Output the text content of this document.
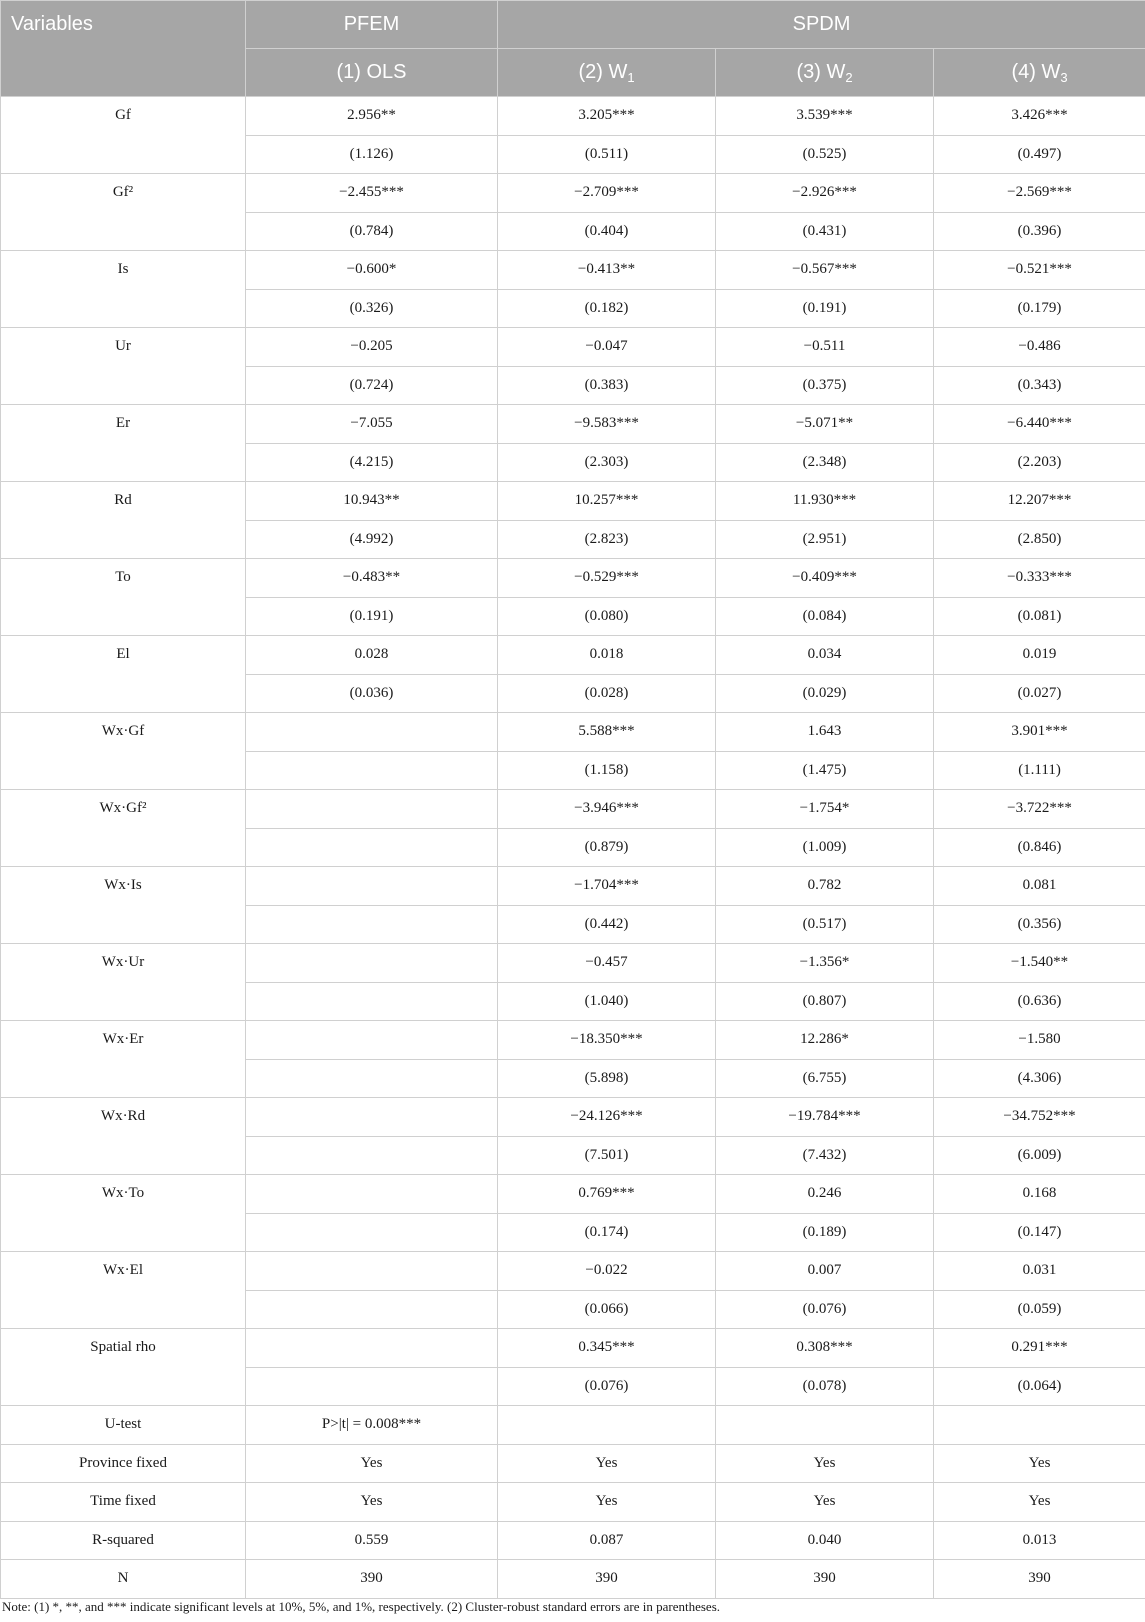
Variables	PFEM	SPDM		
	(1) OLS	(2) $W_1$	(3) $W_2$	(4) $W_3$
Gf	2.956**	3.205***	3.539***	3.426***
	(1.126)	(0.511)	(0.525)	(0.497)
Gf²	−2.455***	−2.709***	−2.926***	−2.569***
	(0.784)	(0.404)	(0.431)	(0.396)
Is	−0.600*	−0.413**	−0.567***	−0.521***
	(0.326)	(0.182)	(0.191)	(0.179)
Ur	−0.205	−0.047	−0.511	−0.486
	(0.724)	(0.383)	(0.375)	(0.343)
Er	−7.055	−9.583***	−5.071**	−6.440***
	(4.215)	(2.303)	(2.348)	(2.203)
Rd	10.943**	10.257***	11.930***	12.207***
	(4.992)	(2.823)	(2.951)	(2.850)
To	−0.483**	−0.529***	−0.409***	−0.333***
	(0.191)	(0.080)	(0.084)	(0.081)
El	0.028	0.018	0.034	0.019
	(0.036)	(0.028)	(0.029)	(0.027)
Wx·Gf		5.588***	1.643	3.901***
		(1.158)	(1.475)	(1.111)
Wx·Gf²		−3.946***	−1.754*	−3.722***
		(0.879)	(1.009)	(0.846)
Wx·Is		−1.704***	0.782	0.081
		(0.442)	(0.517)	(0.356)
Wx·Ur		−0.457	−1.356*	−1.540**
		(1.040)	(0.807)	(0.636)
Wx·Er		−18.350***	12.286*	−1.580
		(5.898)	(6.755)	(4.306)
Wx·Rd		−24.126***	−19.784***	−34.752***
		(7.501)	(7.432)	(6.009)
Wx·To		0.769***	0.246	0.168
		(0.174)	(0.189)	(0.147)
Wx·El		−0.022	0.007	0.031
		(0.066)	(0.076)	(0.059)
Spatial rho		0.345***	0.308***	0.291***
		(0.076)	(0.078)	(0.064)
U-test	P>|t| = 0.008***			
Province fixed	Yes	Yes	Yes	Yes
Time fixed	Yes	Yes	Yes	Yes
R-squared	0.559	0.087	0.040	0.013
N	390	390	390	390
Note: (1) *, **, and *** indicate significant levels at 10%, 5%, and 1%, respectively. (2) Cluster-robust standard errors are in parentheses.
